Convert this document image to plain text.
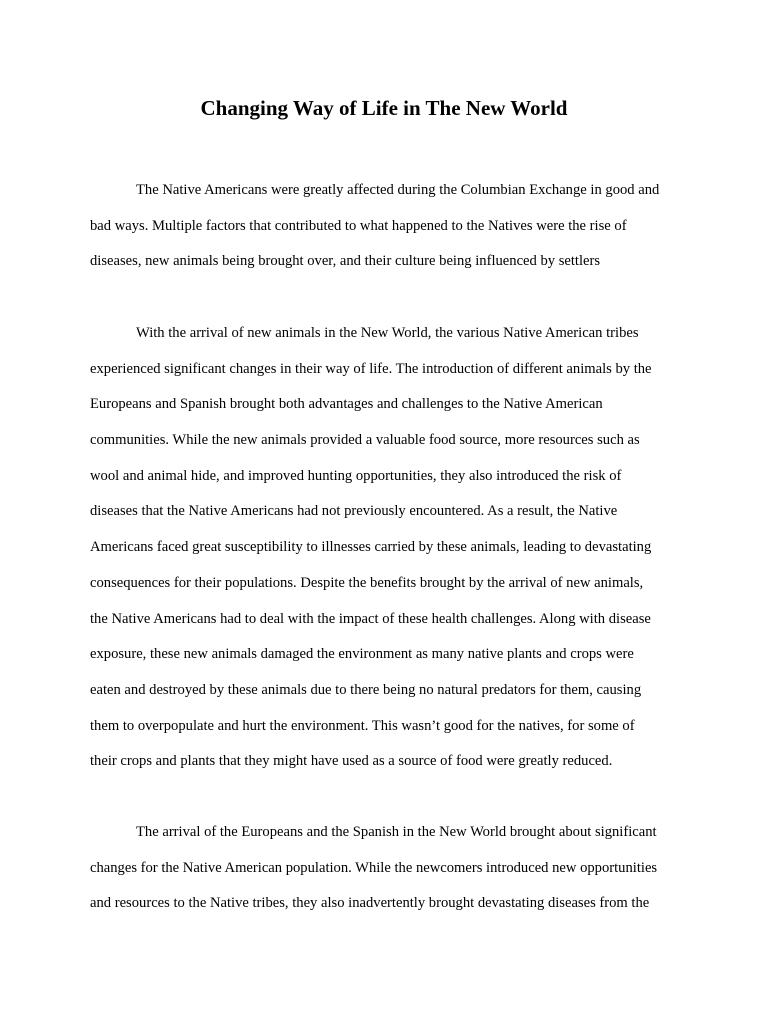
Changing Way of Life in The New World
The Native Americans were greatly affected during the Columbian Exchange in good and
bad ways. Multiple factors that contributed to what happened to the Natives were the rise of
diseases, new animals being brought over, and their culture being influenced by settlers
With the arrival of new animals in the New World, the various Native American tribes
experienced significant changes in their way of life. The introduction of different animals by the
Europeans and Spanish brought both advantages and challenges to the Native American
communities. While the new animals provided a valuable food source, more resources such as
wool and animal hide, and improved hunting opportunities, they also introduced the risk of
diseases that the Native Americans had not previously encountered. As a result, the Native
Americans faced great susceptibility to illnesses carried by these animals, leading to devastating
consequences for their populations. Despite the benefits brought by the arrival of new animals,
the Native Americans had to deal with the impact of these health challenges. Along with disease
exposure, these new animals damaged the environment as many native plants and crops were
eaten and destroyed by these animals due to there being no natural predators for them, causing
them to overpopulate and hurt the environment. This wasn’t good for the natives, for some of
their crops and plants that they might have used as a source of food were greatly reduced.
The arrival of the Europeans and the Spanish in the New World brought about significant
changes for the Native American population. While the newcomers introduced new opportunities
and resources to the Native tribes, they also inadvertently brought devastating diseases from the
